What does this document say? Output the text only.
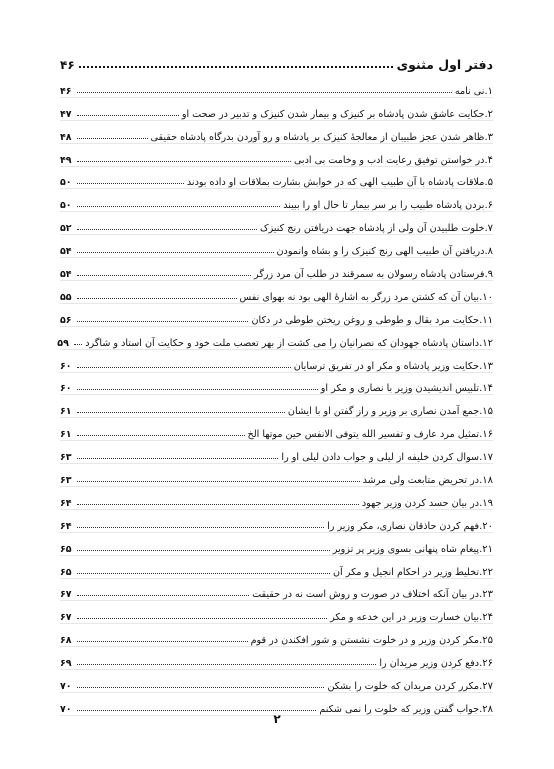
دفتر اول مثنوی
۴۶
۱.
نی نامه
۴۶
۲.
حکایت عاشق شدن پادشاه بر کنیزک و بیمار شدن کنیزک و تدبیر در صحت او
۴۷
۳.
ظاهر شدن عجز طبیبان از معالجهٔ کنیزک بر پادشاه و رو آوردن بدرگاه پادشاه حقیقی
۴۸
۴.
در خواستن توفیق رعایت ادب و وخامت بی ادبی
۴۹
۵.
ملاقات پادشاه با آن طبیب الهی که در خوابش بشارت بملاقات او داده بودند
۵۰
۶.
بردن پادشاه طبیب را بر سر بیمار تا حال او را ببیند
۵۰
۷.
خلوت طلبیدن آن ولی از پادشاه جهت دریافتن رنج کنیزک
۵۲
۸.
دریافتن آن طبیب الهی رنج کنیزک را و بشاه وانمودن
۵۴
۹.
فرستادن پادشاه رسولان به سمرقند در طلب آن مرد زرگر
۵۴
۱۰.
بیان آن که کشتن مرد زرگر به اشارهٔ الهی بود نه بهوای نفس
۵۵
۱۱.
حکایت مرد بقال و طوطی و روغن ریختن طوطی در دکان
۵۶
۱۲.
داستان پادشاه جهودان که نصرانیان را می کشت از بهر تعصب ملت خود و حکایت آن استاد و شاگرد
۵۹
۱۳.
حکایت وزیر پادشاه و مکر او در تفریق ترسایان
۶۰
۱۴.
تلبیس اندیشیدن وزیر با نصاری و مکر او
۶۰
۱۵.
جمع آمدن نصاری بر وزیر و راز گفتن او با ایشان
۶۱
۱۶.
تمثیل مرد عارف و تفسیر الله یتوفی الانفس حین موتها الخ
۶۱
۱۷.
سوال کردن خلیفه از لیلی و جواب دادن لیلی او را
۶۳
۱۸.
در تحریض متابعت ولی مرشد
۶۳
۱۹.
در بیان حسد کردن وزیر جهود
۶۴
۲۰.
فهم کردن حاذقان نصاری، مکر وزیر را
۶۴
۲۱.
پیغام شاه پنهانی بسوی وزیر پر تزویر
۶۵
۲۲.
تخلیط وزیر در احکام انجیل و مکر آن
۶۵
۲۳.
در بیان آنکه اختلاف در صورت و روش است نه در حقیقت
۶۷
۲۴.
بیان خسارت وزیر در این خدعه و مکر
۶۷
۲۵.
مکر کردن وزیر و در خلوت نشستن و شور افکندن در قوم
۶۸
۲۶.
دفع کردن وزیر مریدان را
۶۹
۲۷.
مکرر کردن مریدان که خلوت را بشکن
۷۰
۲۸.
جواب گفتن وزیر که خلوت را نمی شکنم
۷۰
۲
